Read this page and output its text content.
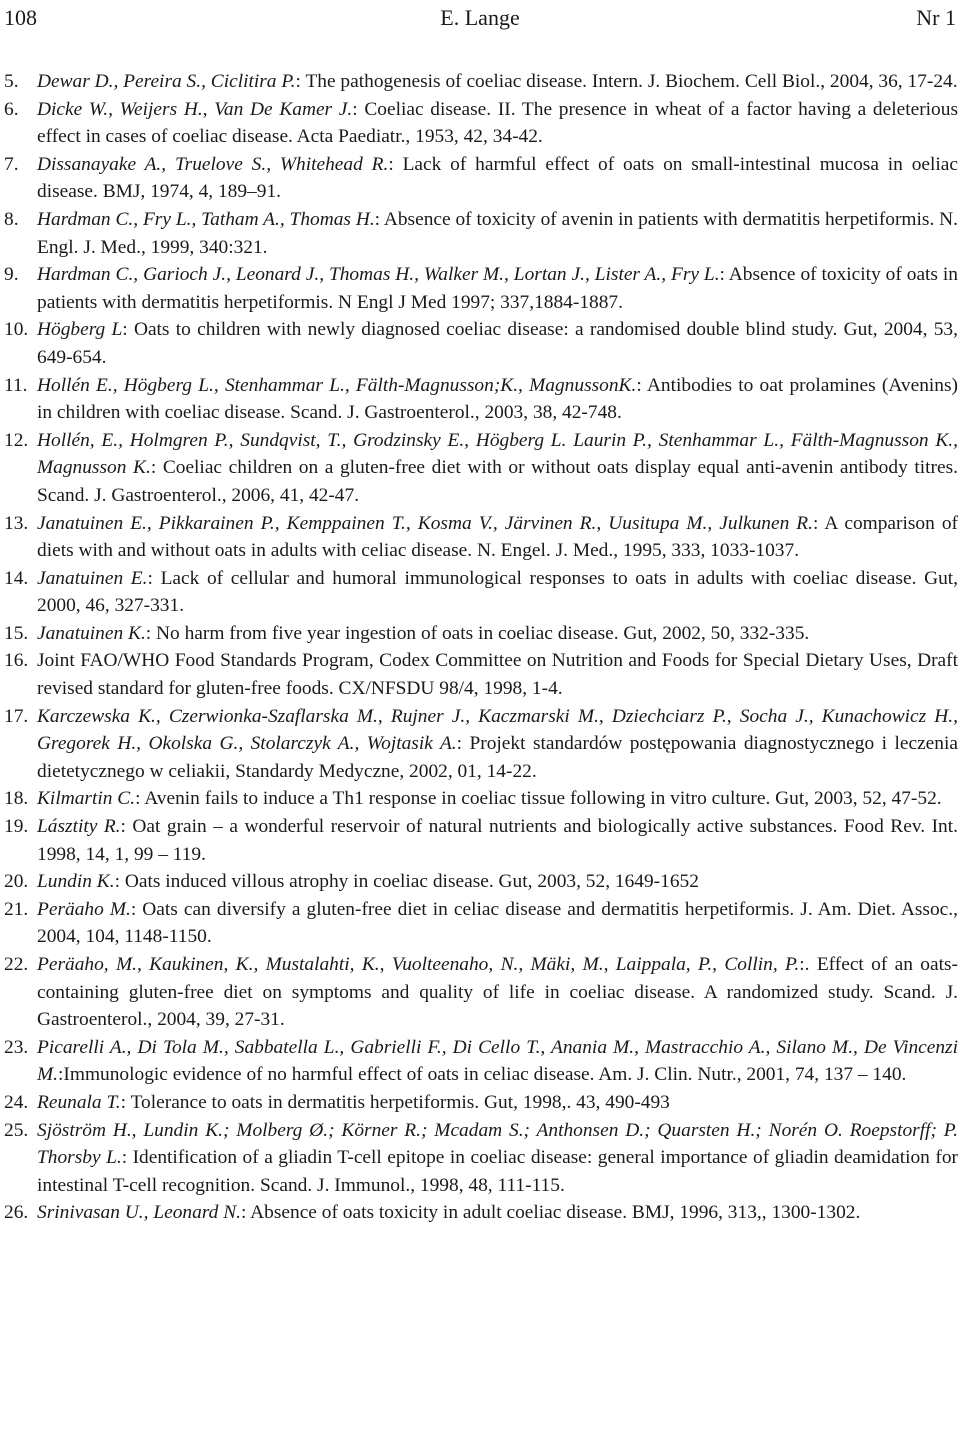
108	E. Lange	Nr 1
5. Dewar D., Pereira S., Ciclitira P.: The pathogenesis of coeliac disease. Intern. J. Biochem. Cell Biol., 2004, 36, 17-24.
6. Dicke W., Weijers H., Van De Kamer J.: Coeliac disease. II. The presence in wheat of a factor having a deleterious effect in cases of coeliac disease. Acta Paediatr., 1953, 42, 34-42.
7. Dissanayake A., Truelove S., Whitehead R.: Lack of harmful effect of oats on small-intestinal mucosa in oeliac disease. BMJ, 1974, 4, 189–91.
8. Hardman C., Fry L., Tatham A., Thomas H.: Absence of toxicity of avenin in patients with dermatitis herpetiformis. N. Engl. J. Med., 1999, 340:321.
9. Hardman C., Garioch J., Leonard J., Thomas H., Walker M., Lortan J., Lister A., Fry L.: Absence of toxicity of oats in patients with dermatitis herpetiformis. N Engl J Med 1997; 337,1884-1887.
10. Högberg L: Oats to children with newly diagnosed coeliac disease: a randomised double blind study. Gut, 2004, 53, 649-654.
11. Hollén E., Högberg L., Stenhammar L., Fälth-Magnusson;K., MagnussonK.: Antibodies to oat prolamines (Avenins) in children with coeliac disease. Scand. J. Gastroenterol., 2003, 38, 42-748.
12. Hollén, E., Holmgren P., Sundqvist, T., Grodzinsky E., Högberg L. Laurin P., Stenhammar L., Fälth-Magnusson K., Magnusson K.: Coeliac children on a gluten-free diet with or without oats display equal anti-avenin antibody titres. Scand. J. Gastroenterol., 2006, 41, 42-47.
13. Janatuinen E., Pikkarainen P., Kemppainen T., Kosma V., Järvinen R., Uusitupa M., Julkunen R.: A comparison of diets with and without oats in adults with celiac disease. N. Engel. J. Med., 1995, 333, 1033-1037.
14. Janatuinen E.: Lack of cellular and humoral immunological responses to oats in adults with coeliac disease. Gut, 2000, 46, 327-331.
15. Janatuinen K.: No harm from five year ingestion of oats in coeliac disease. Gut, 2002, 50, 332-335.
16. Joint FAO/WHO Food Standards Program, Codex Committee on Nutrition and Foods for Special Dietary Uses, Draft revised standard for gluten-free foods. CX/NFSDU 98/4, 1998, 1-4.
17. Karczewska K., Czerwionka-Szaflarska M., Rujner J., Kaczmarski M., Dziechciarz P., Socha J., Kunachowicz H., Gregorek H., Okolska G., Stolarczyk A., Wojtasik A.: Projekt standardów postępowania diagnostycznego i leczenia dietetycznego w celiakii, Standardy Medyczne, 2002, 01, 14-22.
18. Kilmartin C.: Avenin fails to induce a Th1 response in coeliac tissue following in vitro culture. Gut, 2003, 52, 47-52.
19. Lásztity R.: Oat grain – a wonderful reservoir of natural nutrients and biologically active substances. Food Rev. Int. 1998, 14, 1, 99 – 119.
20. Lundin K.: Oats induced villous atrophy in coeliac disease. Gut, 2003, 52, 1649-1652
21. Peräaho M.: Oats can diversify a gluten-free diet in celiac disease and dermatitis herpetiformis. J. Am. Diet. Assoc., 2004, 104, 1148-1150.
22. Peräaho, M., Kaukinen, K., Mustalahti, K., Vuolteenaho, N., Mäki, M., Laippala, P., Collin, P.:. Effect of an oats-containing gluten-free diet on symptoms and quality of life in coeliac disease. A randomized study. Scand. J. Gastroenterol., 2004, 39, 27-31.
23. Picarelli A., Di Tola M., Sabbatella L., Gabrielli F., Di Cello T., Anania M., Mastracchio A., Silano M., De Vincenzi M.:Immunologic evidence of no harmful effect of oats in celiac disease. Am. J. Clin. Nutr., 2001, 74, 137 – 140.
24. Reunala T.: Tolerance to oats in dermatitis herpetiformis. Gut, 1998,. 43, 490-493
25. Sjöström H., Lundin K.; Molberg Ø.; Körner R.; Mcadam S.; Anthonsen D.; Quarsten H.; Norén O. Roepstorff; P. Thorsby L.: Identification of a gliadin T-cell epitope in coeliac disease: general importance of gliadin deamidation for intestinal T-cell recognition. Scand. J. Immunol., 1998, 48, 111-115.
26. Srinivasan U., Leonard N.: Absence of oats toxicity in adult coeliac disease. BMJ, 1996, 313,, 1300-1302.
